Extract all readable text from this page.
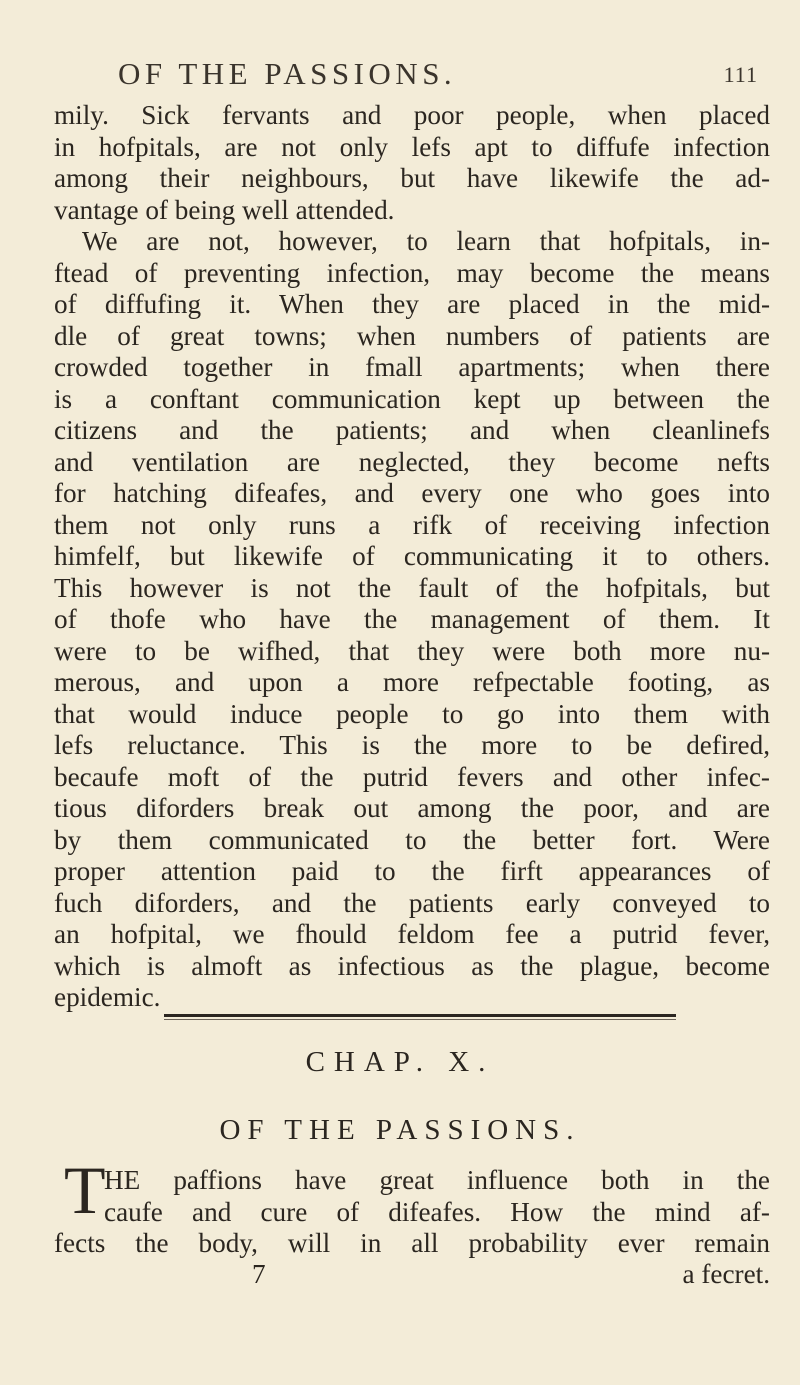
OF THE PASSIONS.	111
mily. Sick fervants and poor people, when placed
in hofpitals, are not only lefs apt to diffufe infection
among their neighbours, but have likewife the ad-
vantage of being well attended.
We are not, however, to learn that hofpitals, in-
ftead of preventing infection, may become the means
of diffufing it. When they are placed in the mid-
dle of great towns; when numbers of patients are
crowded together in fmall apartments; when there
is a conftant communication kept up between the
citizens and the patients; and when cleanlinefs
and ventilation are neglected, they become nefts
for hatching difeafes, and every one who goes into
them not only runs a rifk of receiving infection
himfelf, but likewife of communicating it to others.
This however is not the fault of the hofpitals, but
of thofe who have the management of them. It
were to be wifhed, that they were both more nu-
merous, and upon a more refpectable footing, as
that would induce people to go into them with
lefs reluctance. This is the more to be defired,
becaufe moft of the putrid fevers and other infec-
tious diforders break out among the poor, and are
by them communicated to the better fort. Were
proper attention paid to the firft appearances of
fuch diforders, and the patients early conveyed to
an hofpital, we fhould feldom fee a putrid fever,
which is almoft as infectious as the plague, become
epidemic.
CHAP. X.
OF THE PASSIONS.
T
HE paffions have great influence both in the
caufe and cure of difeafes. How the mind af-
fects the body, will in all probability ever remain
7	a fecret.
